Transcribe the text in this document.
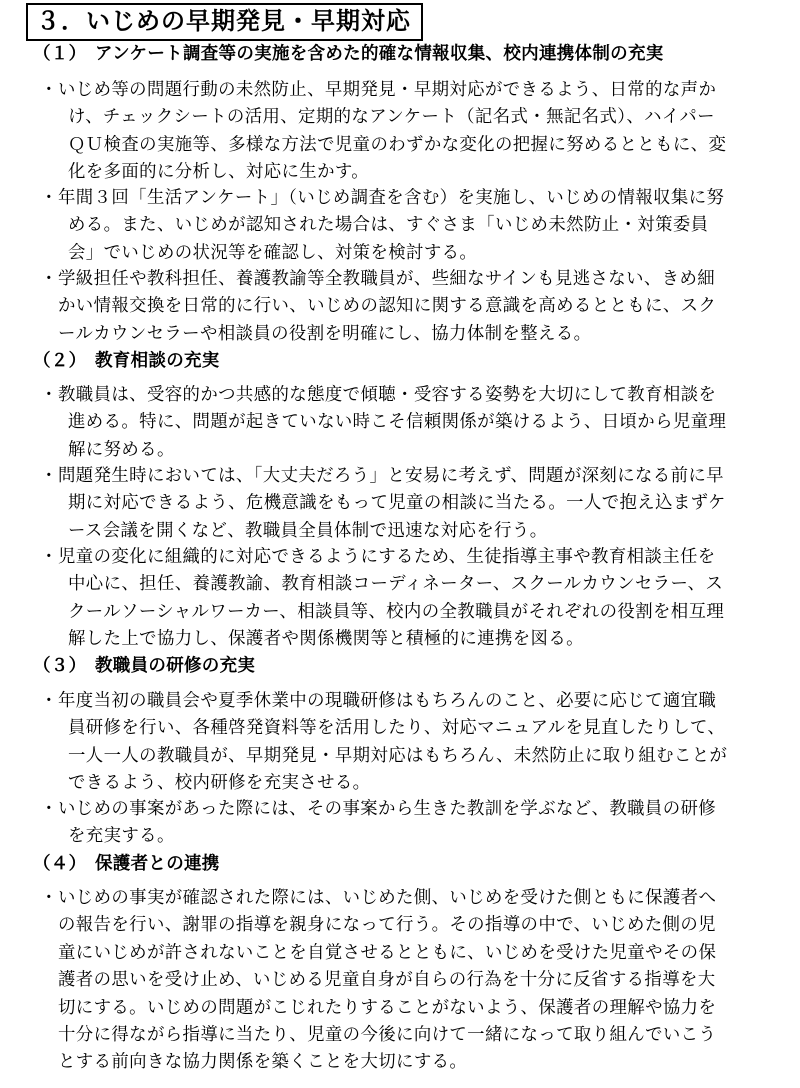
３．いじめの早期発見・早期対応
（１） アンケート調査等の実施を含めた的確な情報収集、校内連携体制の充実
・ いじめ等の問題行動の未然防止、早期発見・早期対応ができるよう、日常的な声か
け、チェックシートの活用、定期的なアンケート（記名式・無記名式）、ハイパー
ＱＵ検査の実施等、多様な方法で児童のわずかな変化の把握に努めるとともに、変
化を多面的に分析し、対応に生かす。
・ 年間３回「生活アンケート」（いじめ調査を含む）を実施し、いじめの情報収集に努
める。また、いじめが認知された場合は、すぐさま「いじめ未然防止・対策委員
会」でいじめの状況等を確認し、対策を検討する。
・ 学級担任や教科担任、養護教諭等全教職員が、些細なサインも見逃さない、きめ細
かい情報交換を日常的に行い、いじめの認知に関する意識を高めるとともに、スク
ールカウンセラーや相談員の役割を明確にし、協力体制を整える。
（２） 教育相談の充実
・ 教職員は、受容的かつ共感的な態度で傾聴・受容する姿勢を大切にして教育相談を
進める。特に、問題が起きていない時こそ信頼関係が築けるよう、日頃から児童理
解に努める。
・ 問題発生時においては、「大丈夫だろう」と安易に考えず、問題が深刻になる前に早
期に対応できるよう、危機意識をもって児童の相談に当たる。一人で抱え込まずケ
ース会議を開くなど、教職員全員体制で迅速な対応を行う。
・ 児童の変化に組織的に対応できるようにするため、生徒指導主事や教育相談主任を
中心に、担任、養護教諭、教育相談コーディネーター、スクールカウンセラー、ス
クールソーシャルワーカー、相談員等、校内の全教職員がそれぞれの役割を相互理
解した上で協力し、保護者や関係機関等と積極的に連携を図る。
（３） 教職員の研修の充実
・ 年度当初の職員会や夏季休業中の現職研修はもちろんのこと、必要に応じて適宜職
員研修を行い、各種啓発資料等を活用したり、対応マニュアルを見直したりして、
一人一人の教職員が、早期発見・早期対応はもちろん、未然防止に取り組むことが
できるよう、校内研修を充実させる。
・ いじめの事案があった際には、その事案から生きた教訓を学ぶなど、教職員の研修
を充実する。
（４） 保護者との連携
・ いじめの事実が確認された際には、いじめた側、いじめを受けた側ともに保護者へ
の報告を行い、謝罪の指導を親身になって行う。その指導の中で、いじめた側の児
童にいじめが許されないことを自覚させるとともに、いじめを受けた児童やその保
護者の思いを受け止め、いじめる児童自身が自らの行為を十分に反省する指導を大
切にする。いじめの問題がこじれたりすることがないよう、保護者の理解や協力を
十分に得ながら指導に当たり、児童の今後に向けて一緒になって取り組んでいこう
とする前向きな協力関係を築くことを大切にする。
